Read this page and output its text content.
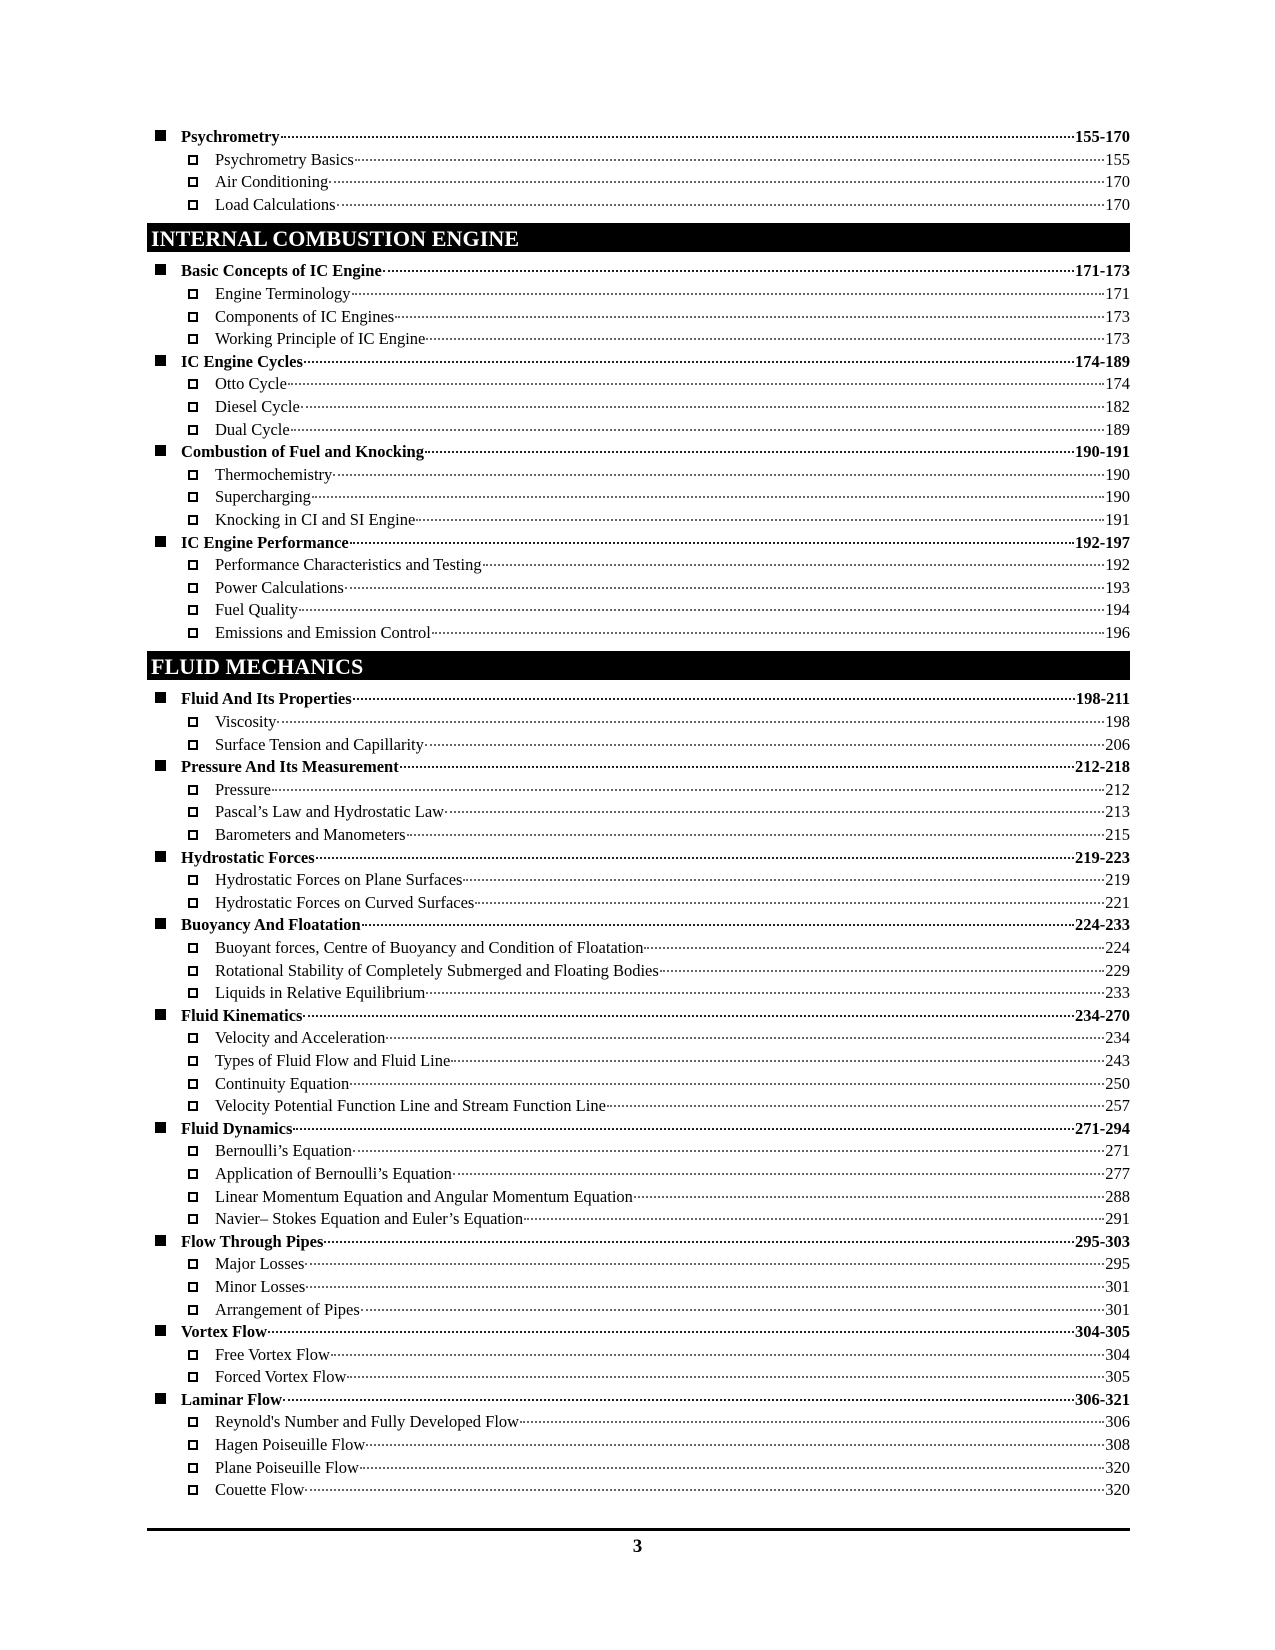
Psychrometry	155-170
Psychrometry Basics	155
Air Conditioning	170
Load Calculations	170
INTERNAL COMBUSTION ENGINE
Basic Concepts of IC Engine	171-173
Engine Terminology	171
Components of IC Engines	173
Working Principle of IC Engine	173
IC Engine Cycles	174-189
Otto Cycle	174
Diesel Cycle	182
Dual Cycle	189
Combustion of Fuel and Knocking	190-191
Thermochemistry	190
Supercharging	190
Knocking in CI and SI Engine	191
IC Engine Performance	192-197
Performance Characteristics and Testing	192
Power Calculations	193
Fuel Quality	194
Emissions and Emission Control	196
FLUID MECHANICS
Fluid And Its Properties	198-211
Viscosity	198
Surface Tension and Capillarity	206
Pressure And Its Measurement	212-218
Pressure	212
Pascal’s Law and Hydrostatic Law	213
Barometers and Manometers	215
Hydrostatic Forces	219-223
Hydrostatic Forces on Plane Surfaces	219
Hydrostatic Forces on Curved Surfaces	221
Buoyancy And Floatation	224-233
Buoyant forces, Centre of Buoyancy and Condition of Floatation	224
Rotational Stability of Completely Submerged and Floating Bodies	229
Liquids in Relative Equilibrium	233
Fluid Kinematics	234-270
Velocity and Acceleration	234
Types of Fluid Flow and Fluid Line	243
Continuity Equation	250
Velocity Potential Function Line and Stream Function Line	257
Fluid Dynamics	271-294
Bernoulli’s Equation	271
Application of Bernoulli’s Equation	277
Linear Momentum Equation and Angular Momentum Equation	288
Navier– Stokes Equation and Euler’s Equation	291
Flow Through Pipes	295-303
Major Losses	295
Minor Losses	301
Arrangement of Pipes	301
Vortex Flow	304-305
Free Vortex Flow	304
Forced Vortex Flow	305
Laminar Flow	306-321
Reynold's Number and Fully Developed Flow	306
Hagen Poiseuille Flow	308
Plane Poiseuille Flow	320
Couette Flow	320
3
